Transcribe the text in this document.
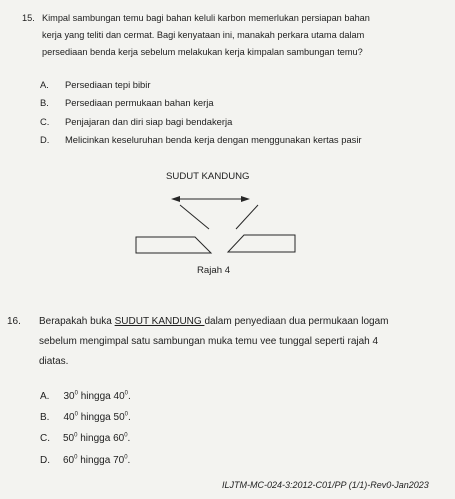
15. Kimpal sambungan temu bagi bahan keluli karbon memerlukan persiapan bahan
kerja yang teliti dan cermat. Bagi kenyataan ini, manakah perkara utama dalam
persediaan benda kerja sebelum melakukan kerja kimpalan sambungan temu?
A. Persediaan tepi bibir
B. Persediaan permukaan bahan kerja
C. Penjajaran dan diri siap bagi bendakerja
D. Melicinkan keseluruhan benda kerja dengan menggunakan kertas pasir
SUDUT KANDUNG
Rajah 4
16. Berapakah buka SUDUT KANDUNG dalam penyediaan dua permukaan logam
sebelum mengimpal satu sambungan muka temu vee tunggal seperti rajah 4
diatas.
A. $30^0$ hingga $40^0$.
B. $40^0$ hingga $50^0$.
C. $50^0$ hingga $60^0$.
D. $60^0$ hingga $70^0$.
ILJTM-MC-024-3:2012-C01/PP (1/1)-Rev0-Jan2023
